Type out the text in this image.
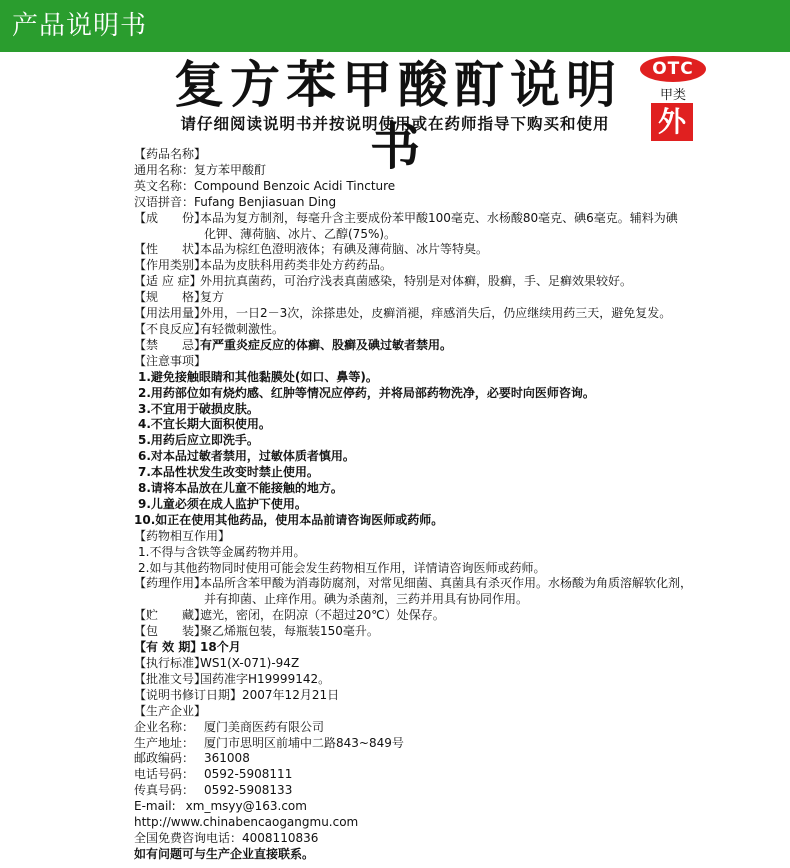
产品说明书
复方苯甲酸酊说明书
OTC
甲类
外
请仔细阅读说明书并按说明使用或在药师指导下购买和使用
【药品名称】
通用名称： 复方苯甲酸酊
英文名称： Compound Benzoic Acidi Tincture
汉语拼音： Fufang Benjiasuan Ding
【成　　份】
本品为复方制剂，每毫升含主要成份苯甲酸100毫克、水杨酸80毫克、碘6毫克。辅料为碘
化钾、薄荷脑、冰片、乙醇(75%)。
【性　　状】
本品为棕红色澄明液体；有碘及薄荷脑、冰片等特臭。
【作用类别】
本品为皮肤科用药类非处方药药品。
【适 应 症】
外用抗真菌药，可治疗浅表真菌感染，特别是对体癣，股癣，手、足癣效果较好。
【规　　格】
复方
【用法用量】
外用，一日2－3次，涂搽患处，皮癣消褪，痒感消失后，仍应继续用药三天，避免复发。
【不良反应】
有轻微刺激性。
【禁　　忌】
有严重炎症反应的体癣、股癣及碘过敏者禁用。
【注意事项】
1.避免接触眼睛和其他黏膜处(如口、鼻等)。
2.用药部位如有烧灼感、红肿等情况应停药，并将局部药物洗净，必要时向医师咨询。
3.不宜用于破损皮肤。
4.不宜长期大面积使用。
5.用药后应立即洗手。
6.对本品过敏者禁用，过敏体质者慎用。
7.本品性状发生改变时禁止使用。
8.请将本品放在儿童不能接触的地方。
9.儿童必须在成人监护下使用。
10.如正在使用其他药品，使用本品前请咨询医师或药师。
【药物相互作用】
1.不得与含铁等金属药物并用。
2.如与其他药物同时使用可能会发生药物相互作用，详情请咨询医师或药师。
【药理作用】
本品所含苯甲酸为消毒防腐剂，对常见细菌、真菌具有杀灭作用。水杨酸为角质溶解软化剂，
并有抑菌、止痒作用。碘为杀菌剂，三药并用具有协同作用。
【贮　　藏】
遮光，密闭，在阴凉（不超过20℃）处保存。
【包　　装】
聚乙烯瓶包装，每瓶装150毫升。
【有 效 期】
18个月
【执行标准】
WS1(X-071)-94Z
【批准文号】
国药准字H19999142。
【说明书修订日期】 2007年12月21日
【生产企业】
企业名称： 厦门美商医药有限公司
生产地址： 厦门市思明区前埔中二路843~849号
邮政编码： 361008
电话号码： 0592-5908111
传真号码： 0592-5908133
E-mail: xm_msyy@163.com
http://www.chinabencaogangmu.com
全国免费咨询电话： 4008110836
如有问题可与生产企业直接联系。
